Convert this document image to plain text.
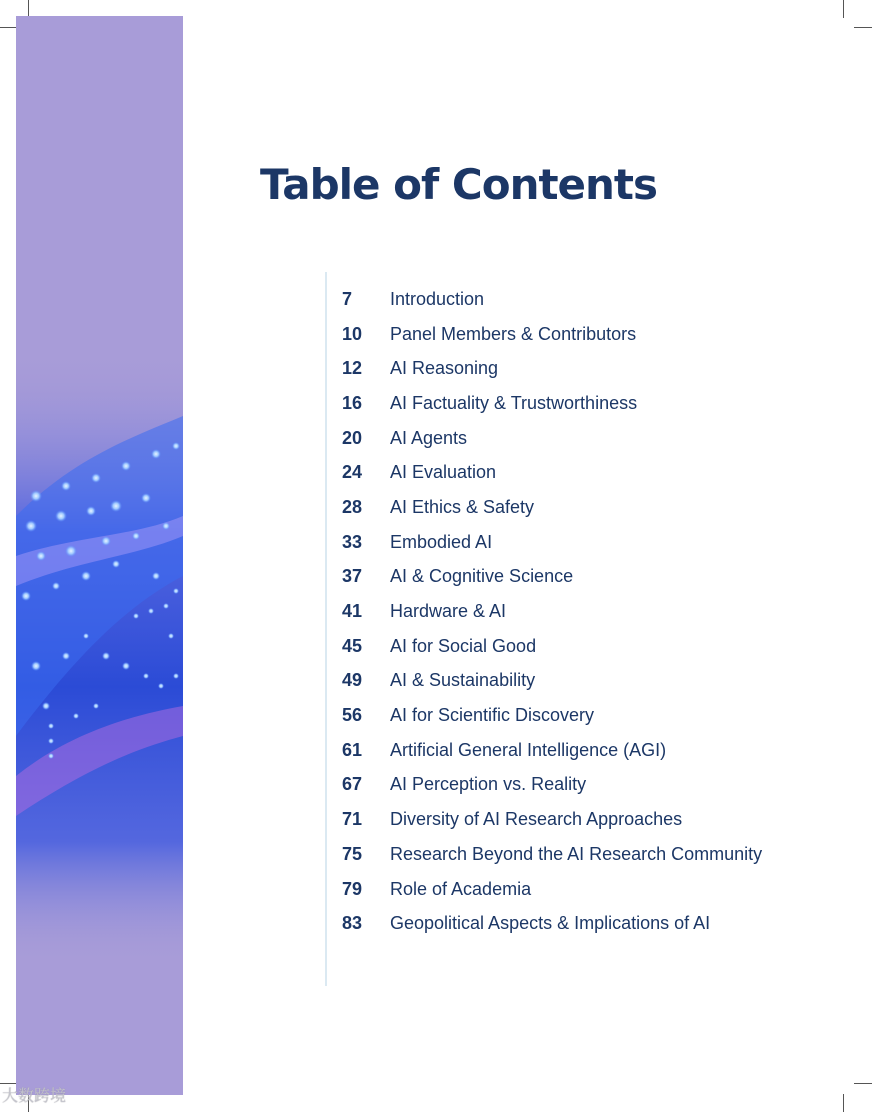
Table of Contents
7	Introduction
10	Panel Members & Contributors
12	AI Reasoning
16	AI Factuality & Trustworthiness
20	AI Agents
24	AI Evaluation
28	AI Ethics & Safety
33	Embodied AI
37	AI & Cognitive Science
41	Hardware & AI
45	AI for Social Good
49	AI & Sustainability
56	AI for Scientific Discovery
61	Artificial General Intelligence (AGI)
67	AI Perception vs. Reality
71	Diversity of AI Research Approaches
75	Research Beyond the AI Research Community
79	Role of Academia
83	Geopolitical Aspects & Implications of AI
大数跨境
